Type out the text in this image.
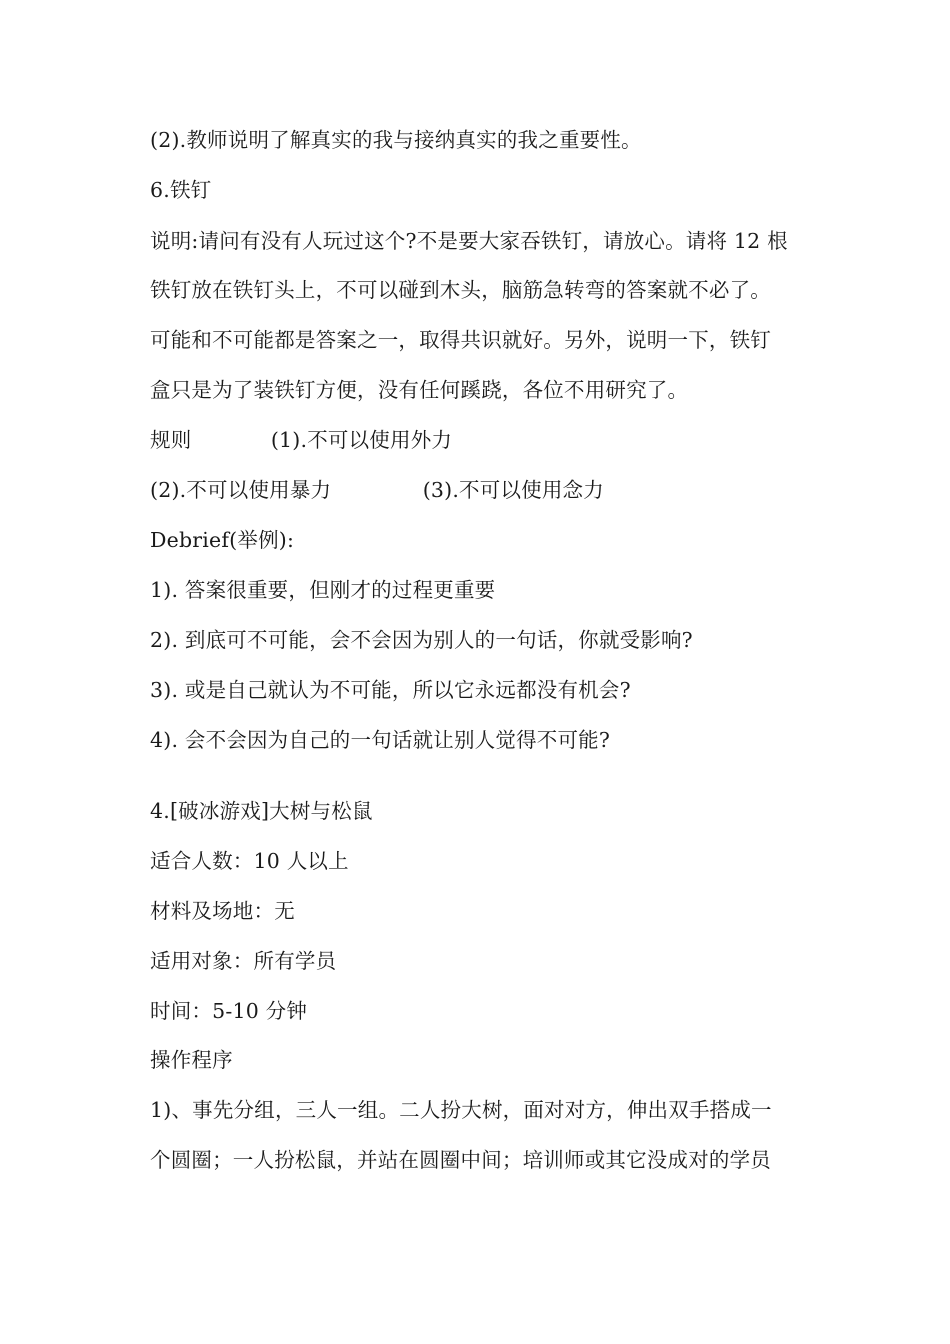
(2).教师说明了解真实的我与接纳真实的我之重要性。
6.铁钉
说明:请问有没有人玩过这个?不是要大家吞铁钉，请放心。请将 12 根
铁钉放在铁钉头上，不可以碰到木头，脑筋急转弯的答案就不必了。
可能和不可能都是答案之一，取得共识就好。另外，说明一下，铁钉
盒只是为了装铁钉方便，没有任何蹊跷，各位不用研究了。
规则	(1).不可以使用外力
(2).不可以使用暴力	(3).不可以使用念力
Debrief(举例):
1). 答案很重要，但刚才的过程更重要
2). 到底可不可能，会不会因为别人的一句话，你就受影响?
3). 或是自己就认为不可能，所以它永远都没有机会?
4). 会不会因为自己的一句话就让别人觉得不可能?
4.[破冰游戏]大树与松鼠
适合人数：10 人以上
材料及场地：无
适用对象：所有学员
时间：5-10 分钟
操作程序
1)、事先分组，三人一组。二人扮大树，面对对方，伸出双手搭成一
个圆圈；一人扮松鼠，并站在圆圈中间；培训师或其它没成对的学员
